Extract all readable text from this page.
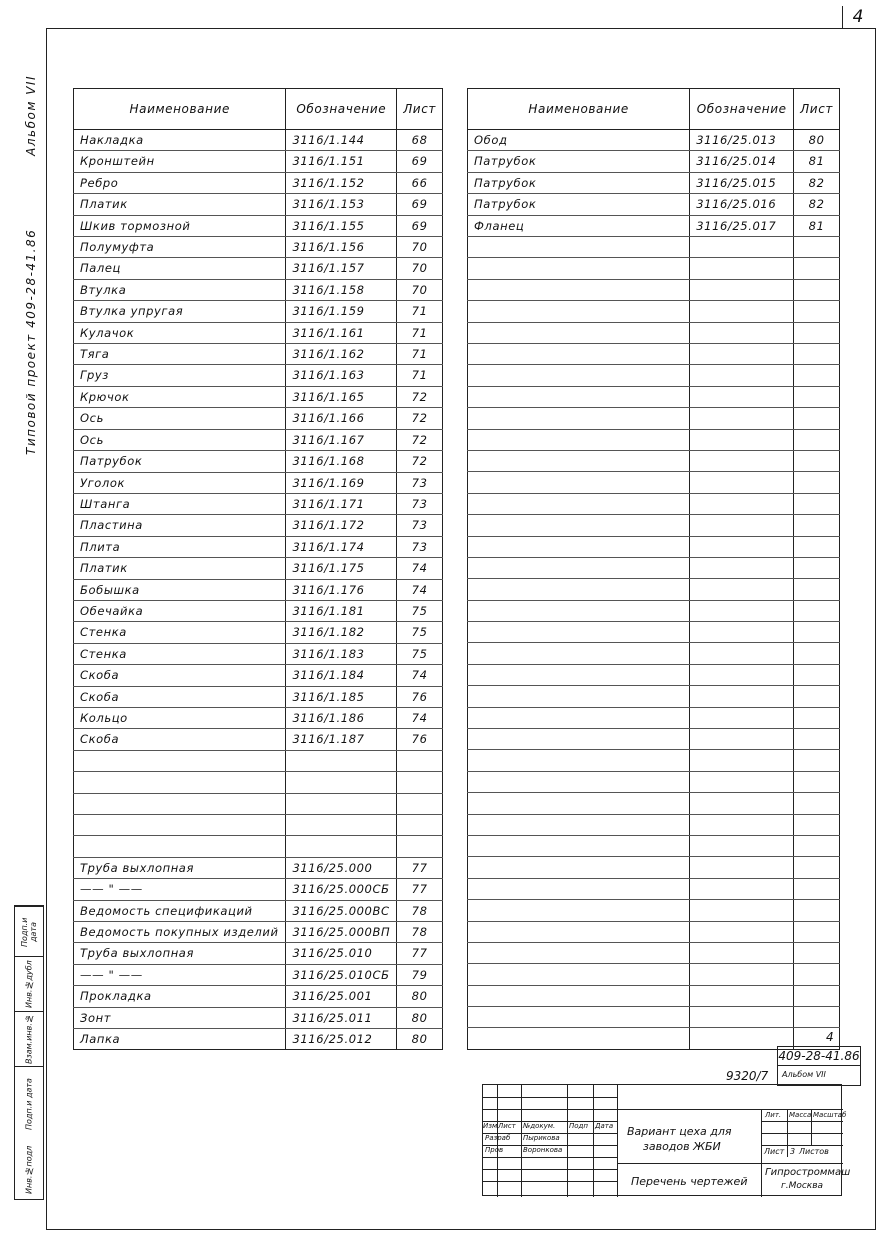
4
Типовой проект 409-28-41.86
Альбом VII	Наименование	Обозначение	Лист
Накладка	3116/1.144	68
Кронштейн	3116/1.151	69
Ребро	3116/1.152	66
Платик	3116/1.153	69
Шкив тормозной	3116/1.155	69
Полумуфта	3116/1.156	70
Палец	3116/1.157	70
Втулка	3116/1.158	70
Втулка упругая	3116/1.159	71
Кулачок	3116/1.161	71
Тяга	3116/1.162	71
Груз	3116/1.163	71
Крючок	3116/1.165	72
Ось	3116/1.166	72
Ось	3116/1.167	72
Патрубок	3116/1.168	72
Уголок	3116/1.169	73
Штанга	3116/1.171	73
Пластина	3116/1.172	73
Плита	3116/1.174	73
Платик	3116/1.175	74
Бобышка	3116/1.176	74
Обечайка	3116/1.181	75
Стенка	3116/1.182	75
Стенка	3116/1.183	75
Скоба	3116/1.184	74
Скоба	3116/1.185	76
Кольцо	3116/1.186	74
Скоба	3116/1.187	76

Труба выхлопная	3116/25.000	77
—— " ——	3116/25.000СБ	77
Ведомость спецификаций	3116/25.000ВС	78
Ведомость покупных изделий	3116/25.000ВП	78
Труба выхлопная	3116/25.010	77
—— " ——	3116/25.010СБ	79
Прокладка	3116/25.001	80
Зонт	3116/25.011	80
Лапка	3116/25.012	80
Наименование	Обозначение	Лист
Обод	3116/25.013	80
Патрубок	3116/25.014	81
Патрубок	3116/25.015	82
Патрубок	3116/25.016	82
Фланец	3116/25.017	81

Подп.и дата
Инв.№дубл
Взам.инв.№
Подп.и дата
Инв.№подл
4
409-28-41.86
Альбом VII
9320/7
Изм Лист №докум. Подп Дата
Разраб Пырикова
Пров	Воронкова
Вариант цеха для
заводов ЖБИ
Перечень чертежей
Лит. Масса Масштаб
Лист 3 Листов
Гипростроммаш
г.Москва
